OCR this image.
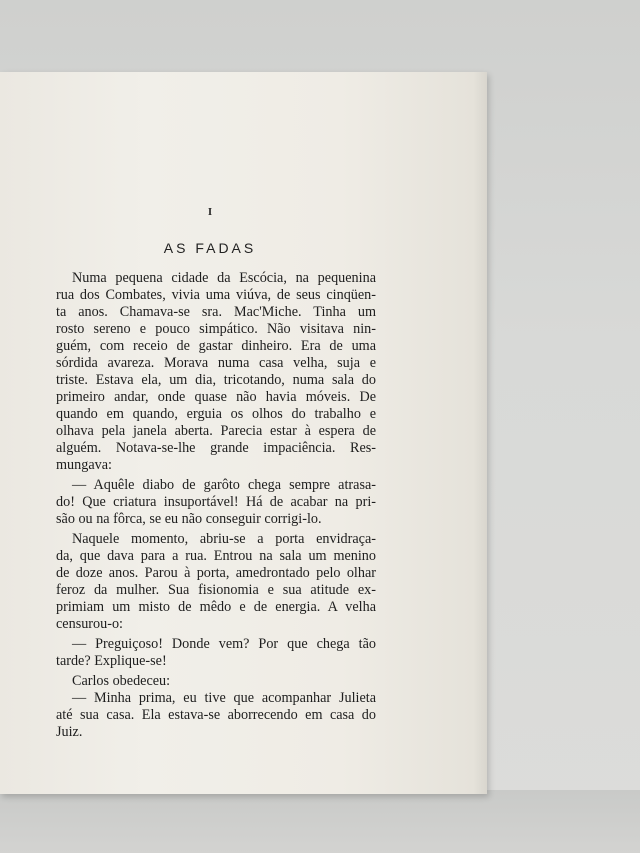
I
AS FADAS
Numa pequena cidade da Escócia, na pequenina
rua dos Combates, vivia uma viúva, de seus cinqüen-
ta anos. Chamava-se sra. Mac'Miche. Tinha um
rosto sereno e pouco simpático. Não visitava nin-
guém, com receio de gastar dinheiro. Era de uma
sórdida avareza. Morava numa casa velha, suja e
triste. Estava ela, um dia, tricotando, numa sala do
primeiro andar, onde quase não havia móveis. De
quando em quando, erguia os olhos do trabalho e
olhava pela janela aberta. Parecia estar à espera de
alguém. Notava-se-lhe grande impaciência. Res-
mungava:
— Aquêle diabo de garôto chega sempre atrasa-
do! Que criatura insuportável! Há de acabar na pri-
são ou na fôrca, se eu não conseguir corrigi-lo.
Naquele momento, abriu-se a porta envidraça-
da, que dava para a rua. Entrou na sala um menino
de doze anos. Parou à porta, amedrontado pelo olhar
feroz da mulher. Sua fisionomia e sua atitude ex-
primiam um misto de mêdo e de energia. A velha
censurou-o:
— Preguiçoso! Donde vem? Por que chega tão
tarde? Explique-se!
Carlos obedeceu:
— Minha prima, eu tive que acompanhar Julieta
até sua casa. Ela estava-se aborrecendo em casa do
Juiz.
